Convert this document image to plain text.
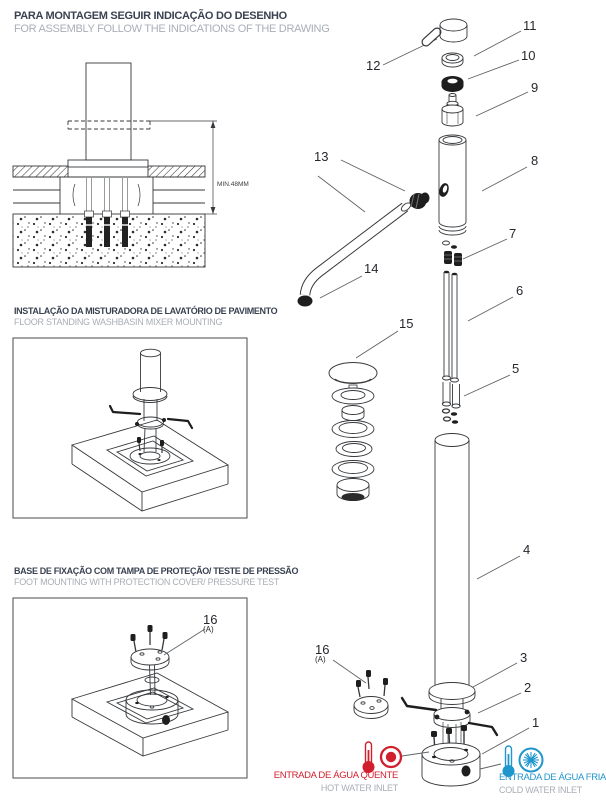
PARA MONTAGEM SEGUIR INDICAÇÃO DO DESENHO
FOR ASSEMBLY FOLLOW THE INDICATIONS OF THE DRAWING
MIN.48MM
INSTALAÇÃO DA MISTURADORA DE LAVATÓRIO DE PAVIMENTO
FLOOR STANDING WASHBASIN MIXER MOUNTING
BASE DE FIXAÇÃO COM TAMPA DE PROTEÇÃO/ TESTE DE PRESSÃO
FOOT MOUNTING WITH PROTECTION COVER/ PRESSURE TEST
16
(A)
12
11
10
9
8
13
14
7
6
15
5
4
3
2
1
16
(A)
ENTRADA DE ÁGUA QUENTE
HOT WATER INLET
ENTRADA DE ÁGUA FRIA
COLD WATER INLET
